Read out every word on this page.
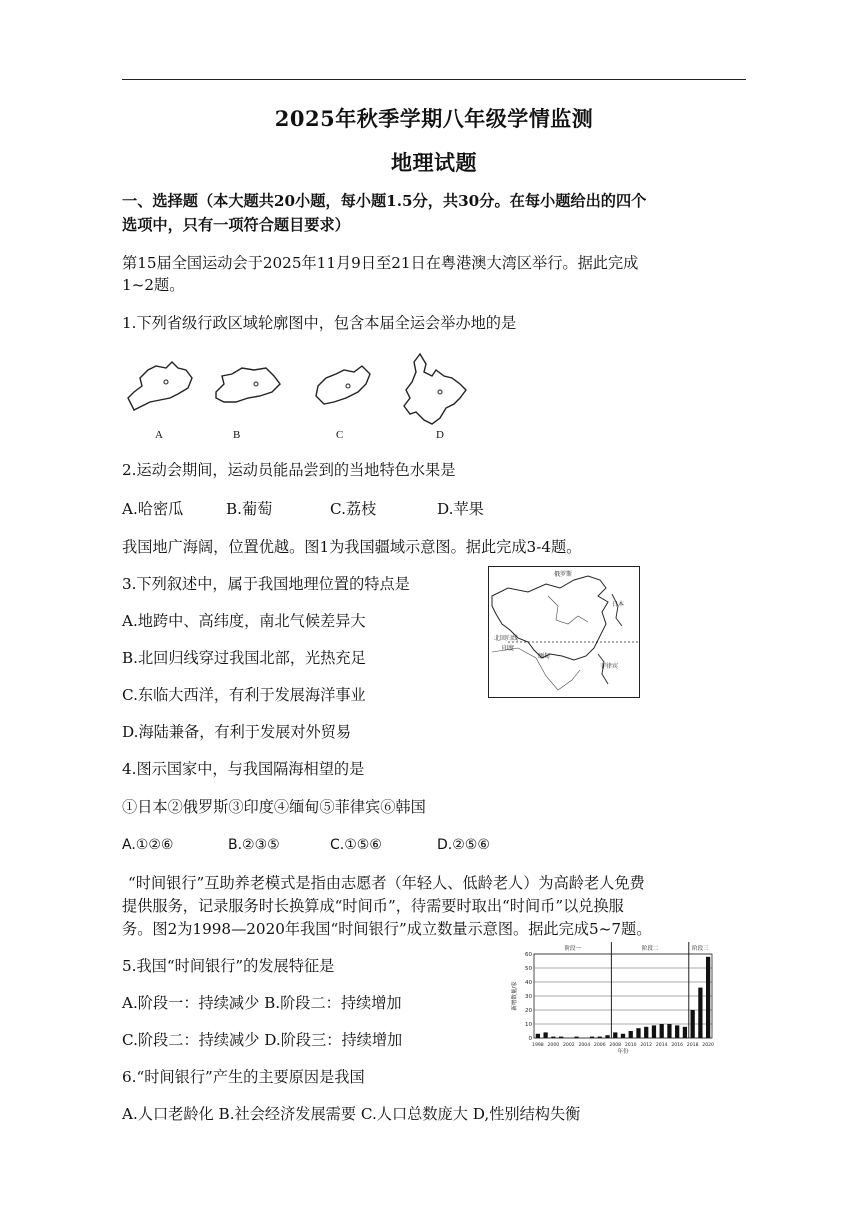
2025年秋季学期八年级学情监测
地理试题
一、选择题（本大题共20小题，每小题1.5分，共30分。在每小题给出的四个
选项中，只有一项符合题目要求）
第15届全国运动会于2025年11月9日至21日在粤港澳大湾区举行。据此完成
1~2题。
1.下列省级行政区域轮廓图中，包含本届全运会举办地的是
A	B	C	D
2.运动会期间，运动员能品尝到的当地特色水果是
A.哈密瓜	B.葡萄	C.荔枝	D.苹果
我国地广海阔，位置优越。图1为我国疆域示意图。据此完成3-4题。
3.下列叙述中，属于我国地理位置的特点是
A.地跨中、高纬度，南北气候差异大
B.北回归线穿过我国北部，光热充足
C.东临大西洋，有利于发展海洋事业
D.海陆兼备，有利于发展对外贸易
俄罗斯
日本
北回归线
印度
菲律宾
缅甸
4.图示国家中，与我国隔海相望的是
①日本②俄罗斯③印度④缅甸⑤菲律宾⑥韩国
A.①②⑥	B.②③⑤	C.①⑤⑥	D.②⑤⑥
“时间银行”互助养老模式是指由志愿者（年轻人、低龄老人）为高龄老人免费
提供服务，记录服务时长换算成“时间币”，待需要时取出“时间币”以兑换服
务。图2为1998—2020年我国“时间银行”成立数量示意图。据此完成5~7题。
5.我国“时间银行”的发展特征是
A.阶段一：持续减少 B.阶段二：持续增加
C.阶段二：持续减少 D.阶段三：持续增加	0
10
20
30
40
50
60
阶段一	阶段二	阶段三
1998 2000 2002 2004 2006 2008 2010 2012 2014 2016 2018 2020
年份
新增数量/家
6.“时间银行”产生的主要原因是我国
A.人口老龄化 B.社会经济发展需要 C.人口总数庞大 D,性别结构失衡
